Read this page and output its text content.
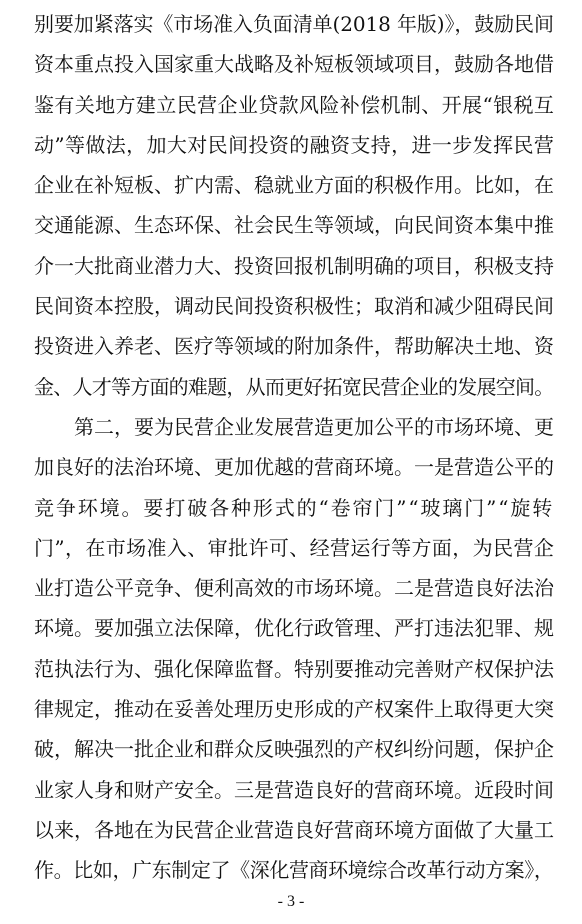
别要加紧落实《市场准入负面清单(2018 年版)》，鼓励民间
资本重点投入国家重大战略及补短板领域项目，鼓励各地借
鉴有关地方建立民营企业贷款风险补偿机制、开展“银税互
动”等做法，加大对民间投资的融资支持，进一步发挥民营
企业在补短板、扩内需、稳就业方面的积极作用。比如，在
交通能源、生态环保、社会民生等领域，向民间资本集中推
介一大批商业潜力大、投资回报机制明确的项目，积极支持
民间资本控股，调动民间投资积极性；取消和减少阻碍民间
投资进入养老、医疗等领域的附加条件，帮助解决土地、资
金、人才等方面的难题，从而更好拓宽民营企业的发展空间。
　　第二，要为民营企业发展营造更加公平的市场环境、更
加良好的法治环境、更加优越的营商环境。一是营造公平的
竞争环境。要打破各种形式的“卷帘门”“玻璃门”“旋转
门”，在市场准入、审批许可、经营运行等方面，为民营企
业打造公平竞争、便利高效的市场环境。二是营造良好法治
环境。要加强立法保障，优化行政管理、严打违法犯罪、规
范执法行为、强化保障监督。特别要推动完善财产权保护法
律规定，推动在妥善处理历史形成的产权案件上取得更大突
破，解决一批企业和群众反映强烈的产权纠纷问题，保护企
业家人身和财产安全。三是营造良好的营商环境。近段时间
以来，各地在为民营企业营造良好营商环境方面做了大量工
作。比如，广东制定了《深化营商环境综合改革行动方案》，
- 3 -
